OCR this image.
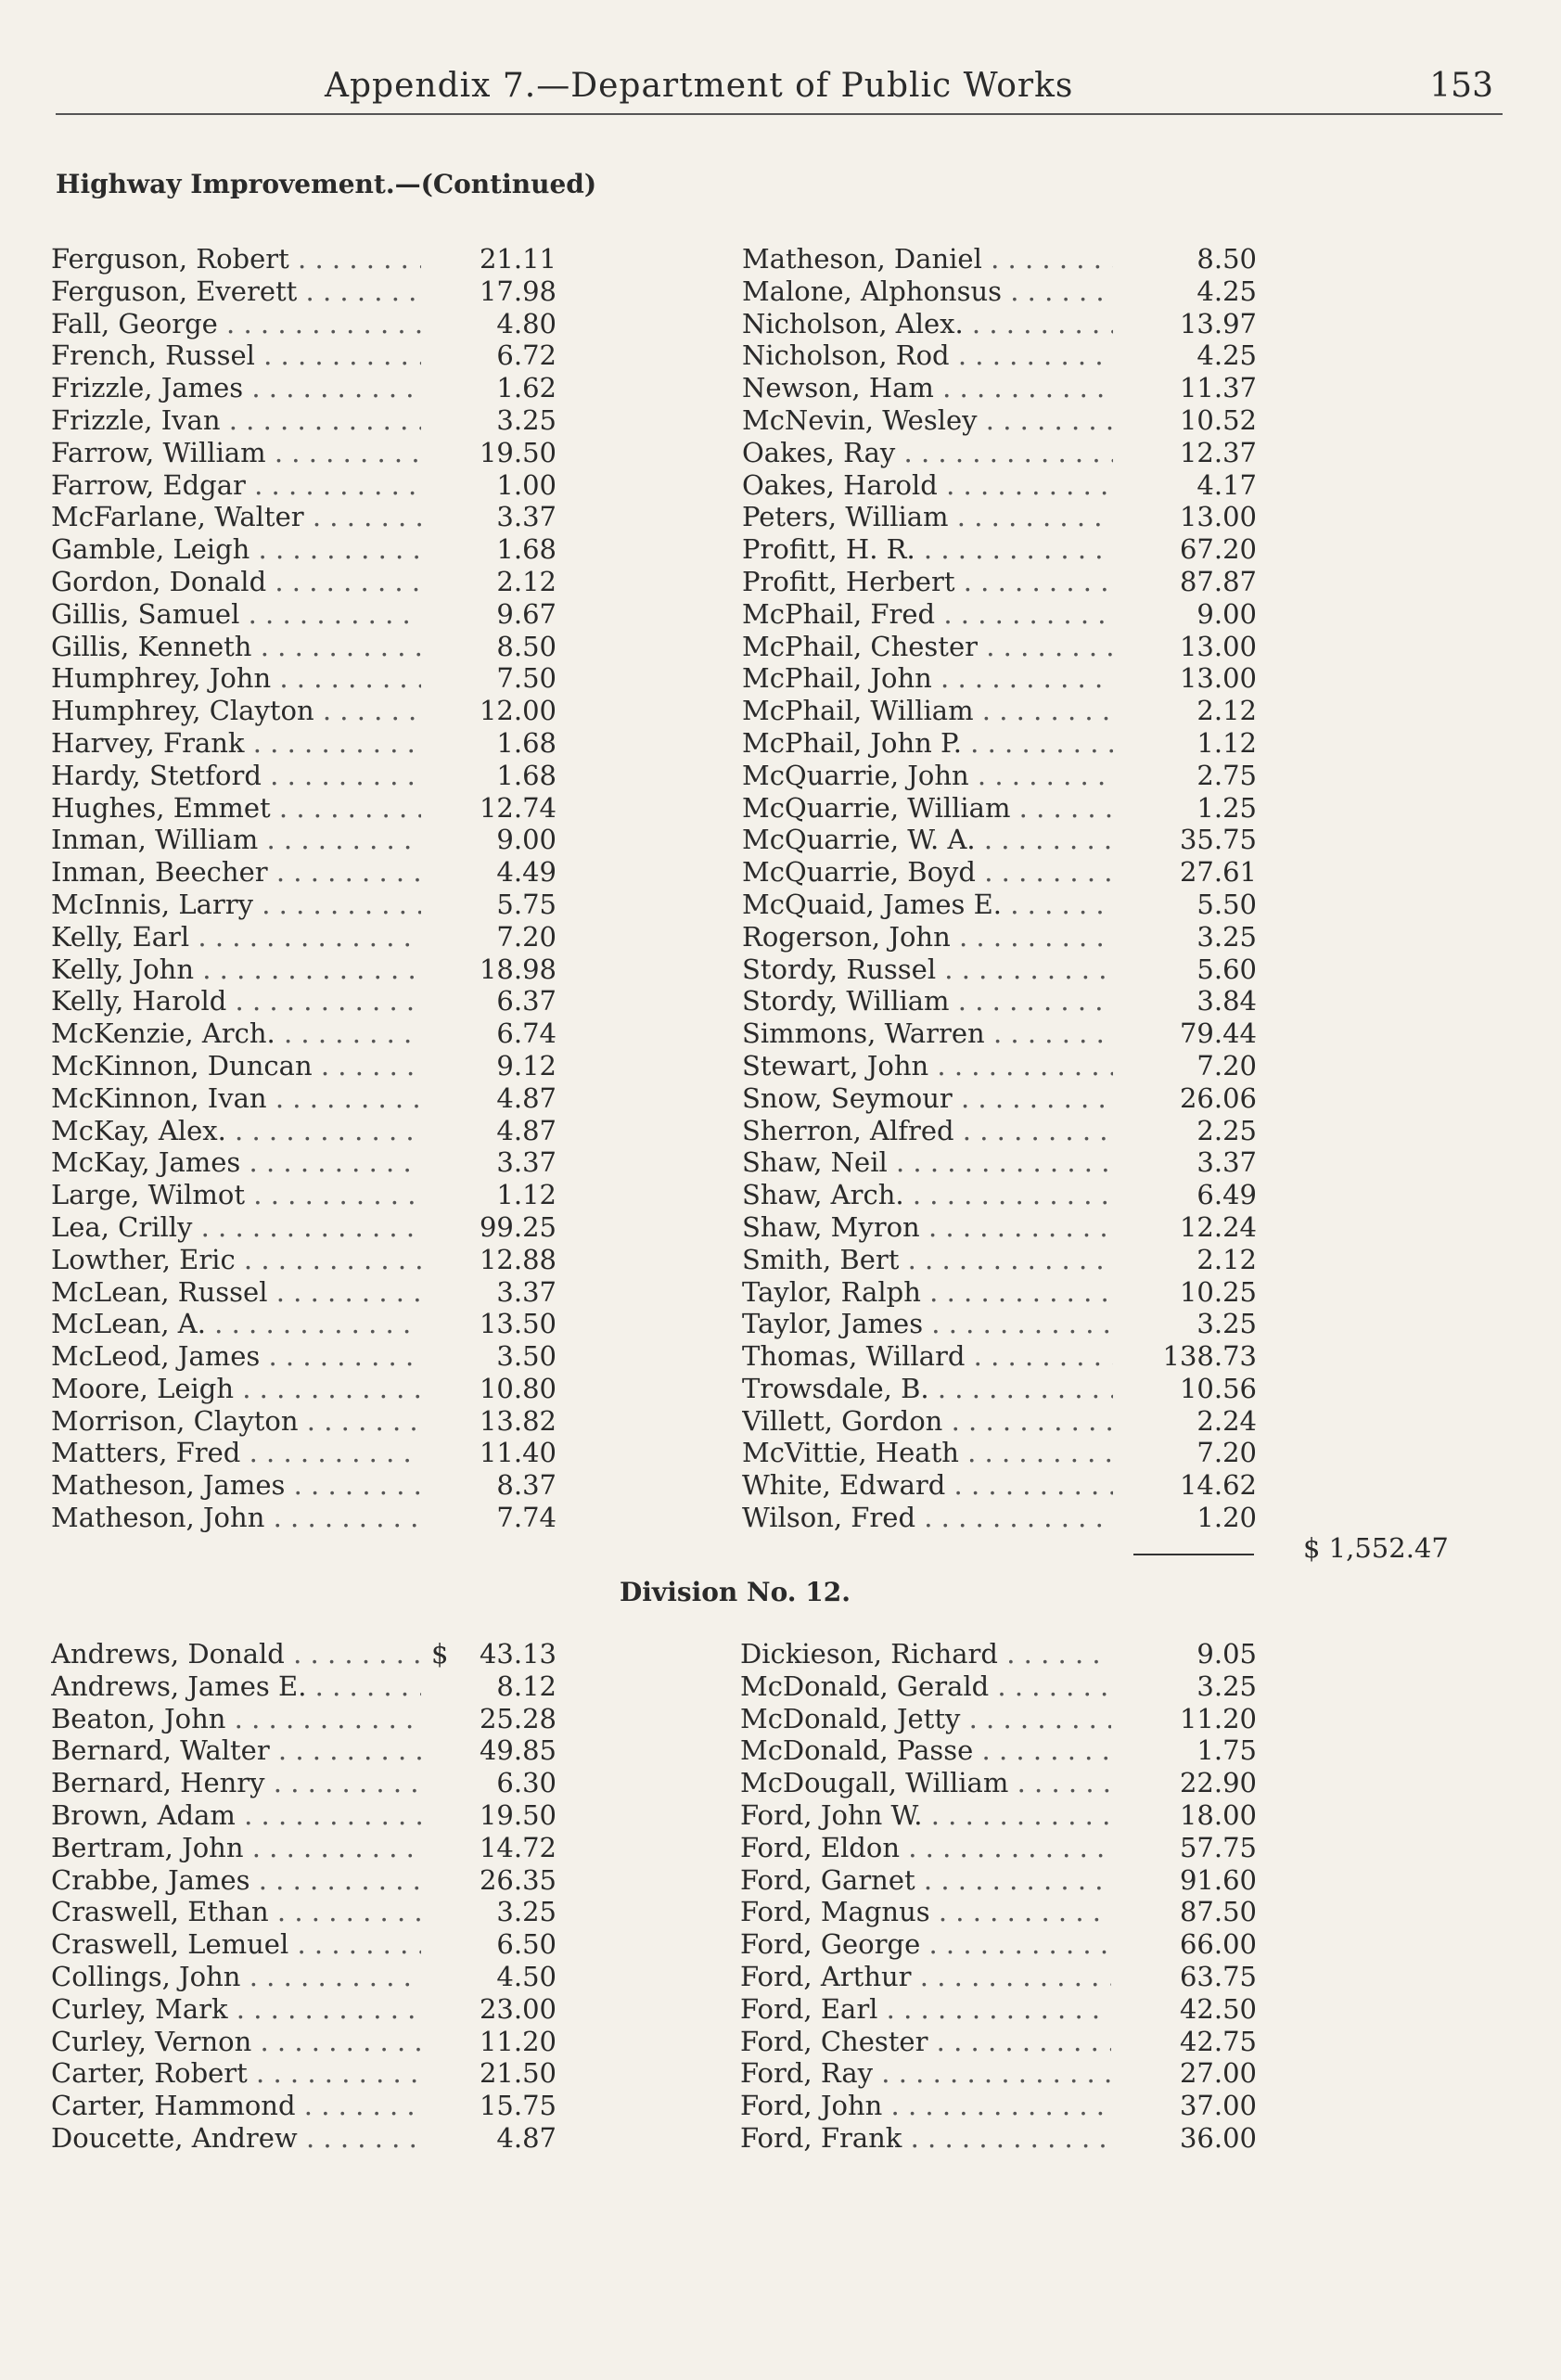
Appendix 7.—Department of Public Works	153
Highway Improvement.—(Continued)
Ferguson, Robert . . .	21.11
Ferguson, Everett . . .	17.98
Fall, George . . .	4.80
French, Russel . . .	6.72
Frizzle, James . . .	1.62
Frizzle, Ivan . . .	3.25
Farrow, William . . .	19.50
Farrow, Edgar . . .	1.00
McFarlane, Walter . . .	3.37
Gamble, Leigh . . .	1.68
Gordon, Donald . . .	2.12
Gillis, Samuel . . .	9.67
Gillis, Kenneth . . .	8.50
Humphrey, John . . .	7.50
Humphrey, Clayton . . .	12.00
Harvey, Frank . . .	1.68
Hardy, Stetford . . .	1.68
Hughes, Emmet . . .	12.74
Inman, William . . .	9.00
Inman, Beecher . . .	4.49
McInnis, Larry . . .	5.75
Kelly, Earl . . .	7.20
Kelly, John . . .	18.98
Kelly, Harold . . .	6.37
McKenzie, Arch. . . .	6.74
McKinnon, Duncan . . .	9.12
McKinnon, Ivan . . .	4.87
McKay, Alex. . . .	4.87
McKay, James . . .	3.37
Large, Wilmot . . .	1.12
Lea, Crilly . . .	99.25
Lowther, Eric . . .	12.88
McLean, Russel . . .	3.37
McLean, A. . . .	13.50
McLeod, James . . .	3.50
Moore, Leigh . . .	10.80
Morrison, Clayton . . .	13.82
Matters, Fred . . .	11.40
Matheson, James . . .	8.37
Matheson, John . . .	7.74
Matheson, Daniel . . .	8.50
Malone, Alphonsus . . .	4.25
Nicholson, Alex. . . .	13.97
Nicholson, Rod . . .	4.25
Newson, Ham . . .	11.37
McNevin, Wesley . . .	10.52
Oakes, Ray . . .	12.37
Oakes, Harold . . .	4.17
Peters, William . . .	13.00
Profitt, H. R. . . .	67.20
Profitt, Herbert . . .	87.87
McPhail, Fred . . .	9.00
McPhail, Chester . . .	13.00
McPhail, John . . .	13.00
McPhail, William . . .	2.12
McPhail, John P. . . .	1.12
McQuarrie, John . . .	2.75
McQuarrie, William . . .	1.25
McQuarrie, W. A. . . .	35.75
McQuarrie, Boyd . . .	27.61
McQuaid, James E. . . .	5.50
Rogerson, John . . .	3.25
Stordy, Russel . . .	5.60
Stordy, William . . .	3.84
Simmons, Warren . . .	79.44
Stewart, John . . .	7.20
Snow, Seymour . . .	26.06
Sherron, Alfred . . .	2.25
Shaw, Neil . . .	3.37
Shaw, Arch. . . .	6.49
Shaw, Myron . . .	12.24
Smith, Bert . . .	2.12
Taylor, Ralph . . .	10.25
Taylor, James . . .	3.25
Thomas, Willard . . .	138.73
Trowsdale, B. . . .	10.56
Villett, Gordon . . .	2.24
McVittie, Heath . . .	7.20
White, Edward . . .	14.62
Wilson, Fred . . .	1.20
$ 1,552.47
Division No. 12.
Andrews, Donald . . .	$	43.13
Andrews, James E. . . .	8.12
Beaton, John . . .	25.28
Bernard, Walter . . .	49.85
Bernard, Henry . . .	6.30
Brown, Adam . . .	19.50
Bertram, John . . .	14.72
Crabbe, James . . .	26.35
Craswell, Ethan . . .	3.25
Craswell, Lemuel . . .	6.50
Collings, John . . .	4.50
Curley, Mark . . .	23.00
Curley, Vernon . . .	11.20
Carter, Robert . . .	21.50
Carter, Hammond . . .	15.75
Doucette, Andrew . . .	4.87
Dickieson, Richard . . .	9.05
McDonald, Gerald . . .	3.25
McDonald, Jetty . . .	11.20
McDonald, Passe . . .	1.75
McDougall, William . . .	22.90
Ford, John W. . . .	18.00
Ford, Eldon . . .	57.75
Ford, Garnet . . .	91.60
Ford, Magnus . . .	87.50
Ford, George . . .	66.00
Ford, Arthur . . .	63.75
Ford, Earl . . .	42.50
Ford, Chester . . .	42.75
Ford, Ray . . .	27.00
Ford, John . . .	37.00
Ford, Frank . . .	36.00
